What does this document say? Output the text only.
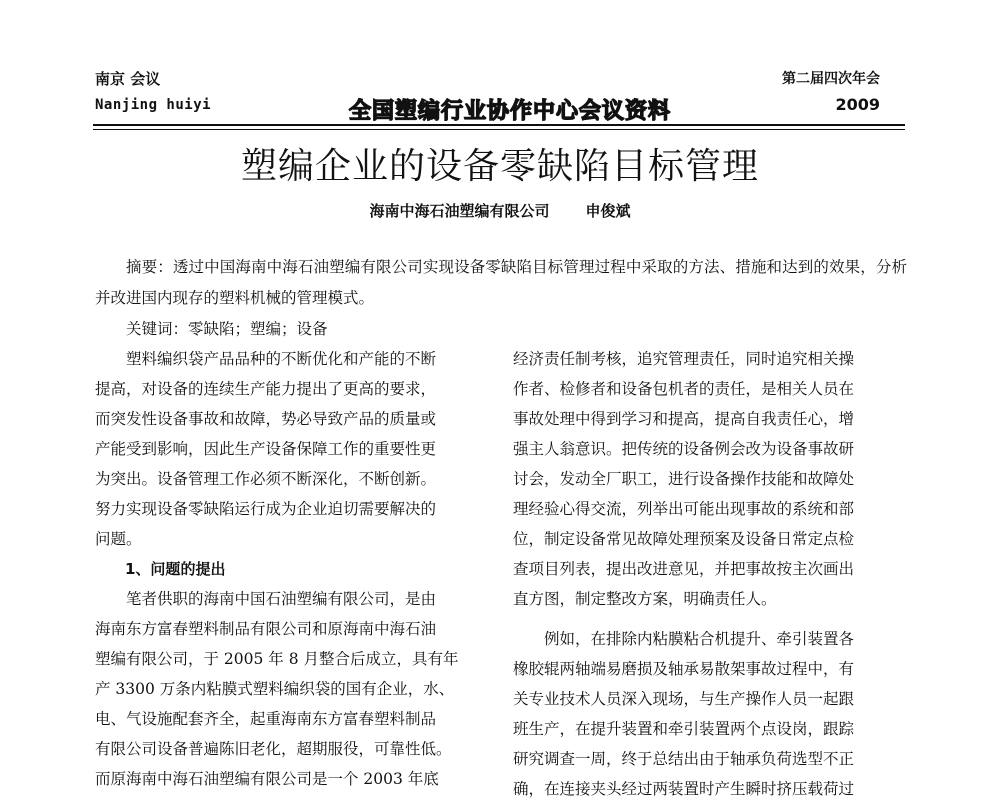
南京 会议
Nanjing huiyi	全国塑编行业协作中心会议资料
第二届四次年会
2009
塑编企业的设备零缺陷目标管理
海南中海石油塑编有限公司 申俊斌
摘要：透过中国海南中海石油塑编有限公司实现设备零缺陷目标管理过程中采取的方法、措施和达到的效果，分析并改进国内现存的塑料机械的管理模式。
关键词：零缺陷；塑编；设备
　　塑料编织袋产品品种的不断优化和产能的不断
提高，对设备的连续生产能力提出了更高的要求，
而突发性设备事故和故障，势必导致产品的质量或
产能受到影响，因此生产设备保障工作的重要性更
为突出。设备管理工作必须不断深化，不断创新。
努力实现设备零缺陷运行成为企业迫切需要解决的
问题。
　　1、问题的提出
　　笔者供职的海南中国石油塑编有限公司，是由
海南东方富春塑料制品有限公司和原海南中海石油
塑编有限公司，于 2005 年 8 月整合后成立，具有年
产 3300 万条内粘膜式塑料编织袋的国有企业，水、
电、气设施配套齐全，起重海南东方富春塑料制品
有限公司设备普遍陈旧老化，超期服役，可靠性低。
而原海南中海石油塑编有限公司是一个 2003 年底
经济责任制考核，追究管理责任，同时追究相关操
作者、检修者和设备包机者的责任，是相关人员在
事故处理中得到学习和提高，提高自我责任心，增
强主人翁意识。把传统的设备例会改为设备事故研
讨会，发动全厂职工，进行设备操作技能和故障处
理经验心得交流，列举出可能出现事故的系统和部
位，制定设备常见故障处理预案及设备日常定点检
查项目列表，提出改进意见，并把事故按主次画出
直方图，制定整改方案，明确责任人。
　　例如，在排除内粘膜粘合机提升、牵引装置各
橡胶辊两轴端易磨损及轴承易散架事故过程中，有
关专业技术人员深入现场，与生产操作人员一起跟
班生产，在提升装置和牵引装置两个点设岗，跟踪
研究调查一周，终于总结出由于轴承负荷选型不正
确，在连接夹头经过两装置时产生瞬时挤压载荷过
